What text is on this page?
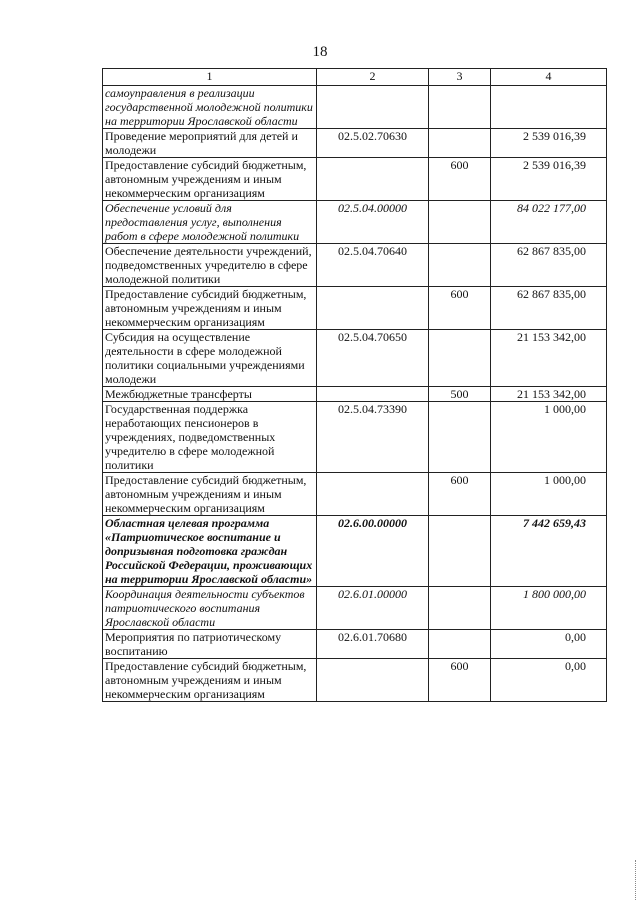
18
1	2	3	4
самоуправления в реализации государственной молодежной политики на территории Ярославской области			
Проведение мероприятий для детей и молодежи	02.5.02.70630		2 539 016,39
Предоставление субсидий бюджетным, автономным учреждениям и иным некоммерческим организациям		600	2 539 016,39
Обеспечение условий для предоставления услуг, выполнения работ в сфере молодежной политики	02.5.04.00000		84 022 177,00
Обеспечение деятельности учреждений, подведомственных учредителю в сфере молодежной политики	02.5.04.70640		62 867 835,00
Предоставление субсидий бюджетным, автономным учреждениям и иным некоммерческим организациям		600	62 867 835,00
Субсидия на осуществление деятельности в сфере молодежной политики социальными учреждениями молодежи	02.5.04.70650		21 153 342,00
Межбюджетные трансферты		500	21 153 342,00
Государственная поддержка неработающих пенсионеров в учреждениях, подведомственных учредителю в сфере молодежной политики	02.5.04.73390		1 000,00
Предоставление субсидий бюджетным, автономным учреждениям и иным некоммерческим организациям		600	1 000,00
Областная целевая программа «Патриотическое воспитание и допризывная подготовка граждан Российской Федерации, проживающих на территории Ярославской области»	02.6.00.00000		7 442 659,43
Координация деятельности субъектов патриотического воспитания Ярославской области	02.6.01.00000		1 800 000,00
Мероприятия по патриотическому воспитанию	02.6.01.70680		0,00
Предоставление субсидий бюджетным, автономным учреждениям и иным некоммерческим организациям		600	0,00
